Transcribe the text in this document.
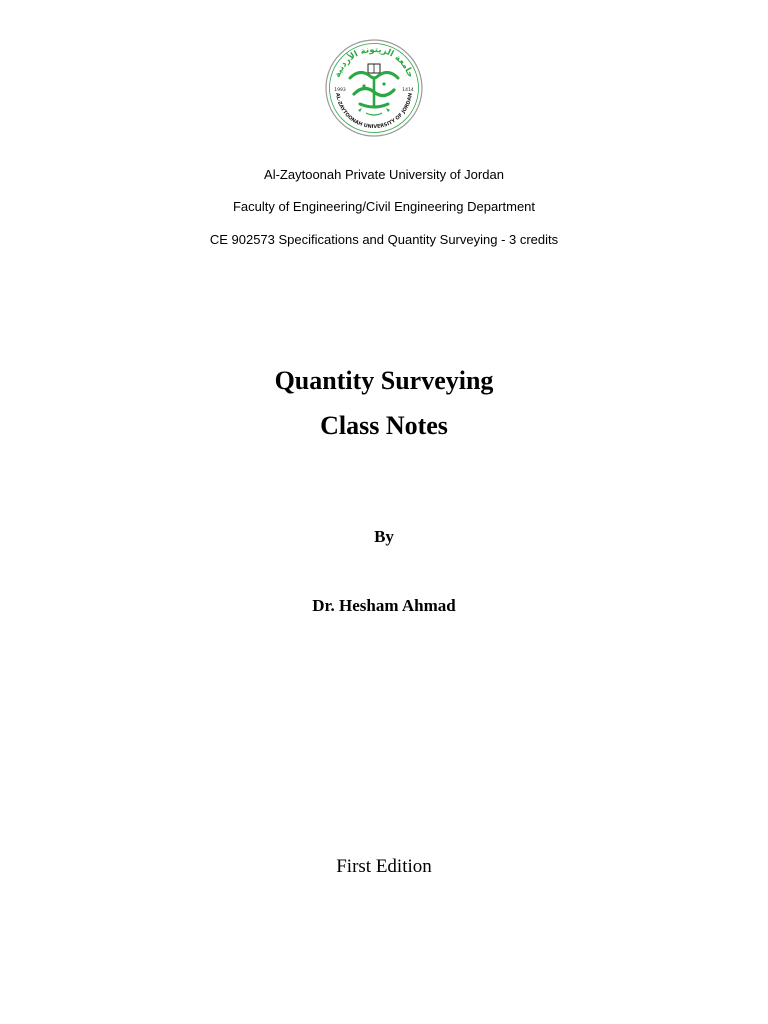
جامعة الزيتونة الأردنية
AL-ZAYTOONAH UNIVERSITY OF JORDAN
1993	1414
Al-Zaytoonah Private University of Jordan
Faculty of Engineering/Civil Engineering Department
CE 902573 Specifications and Quantity Surveying - 3 credits
Quantity Surveying
Class Notes
By
Dr. Hesham Ahmad
First Edition
